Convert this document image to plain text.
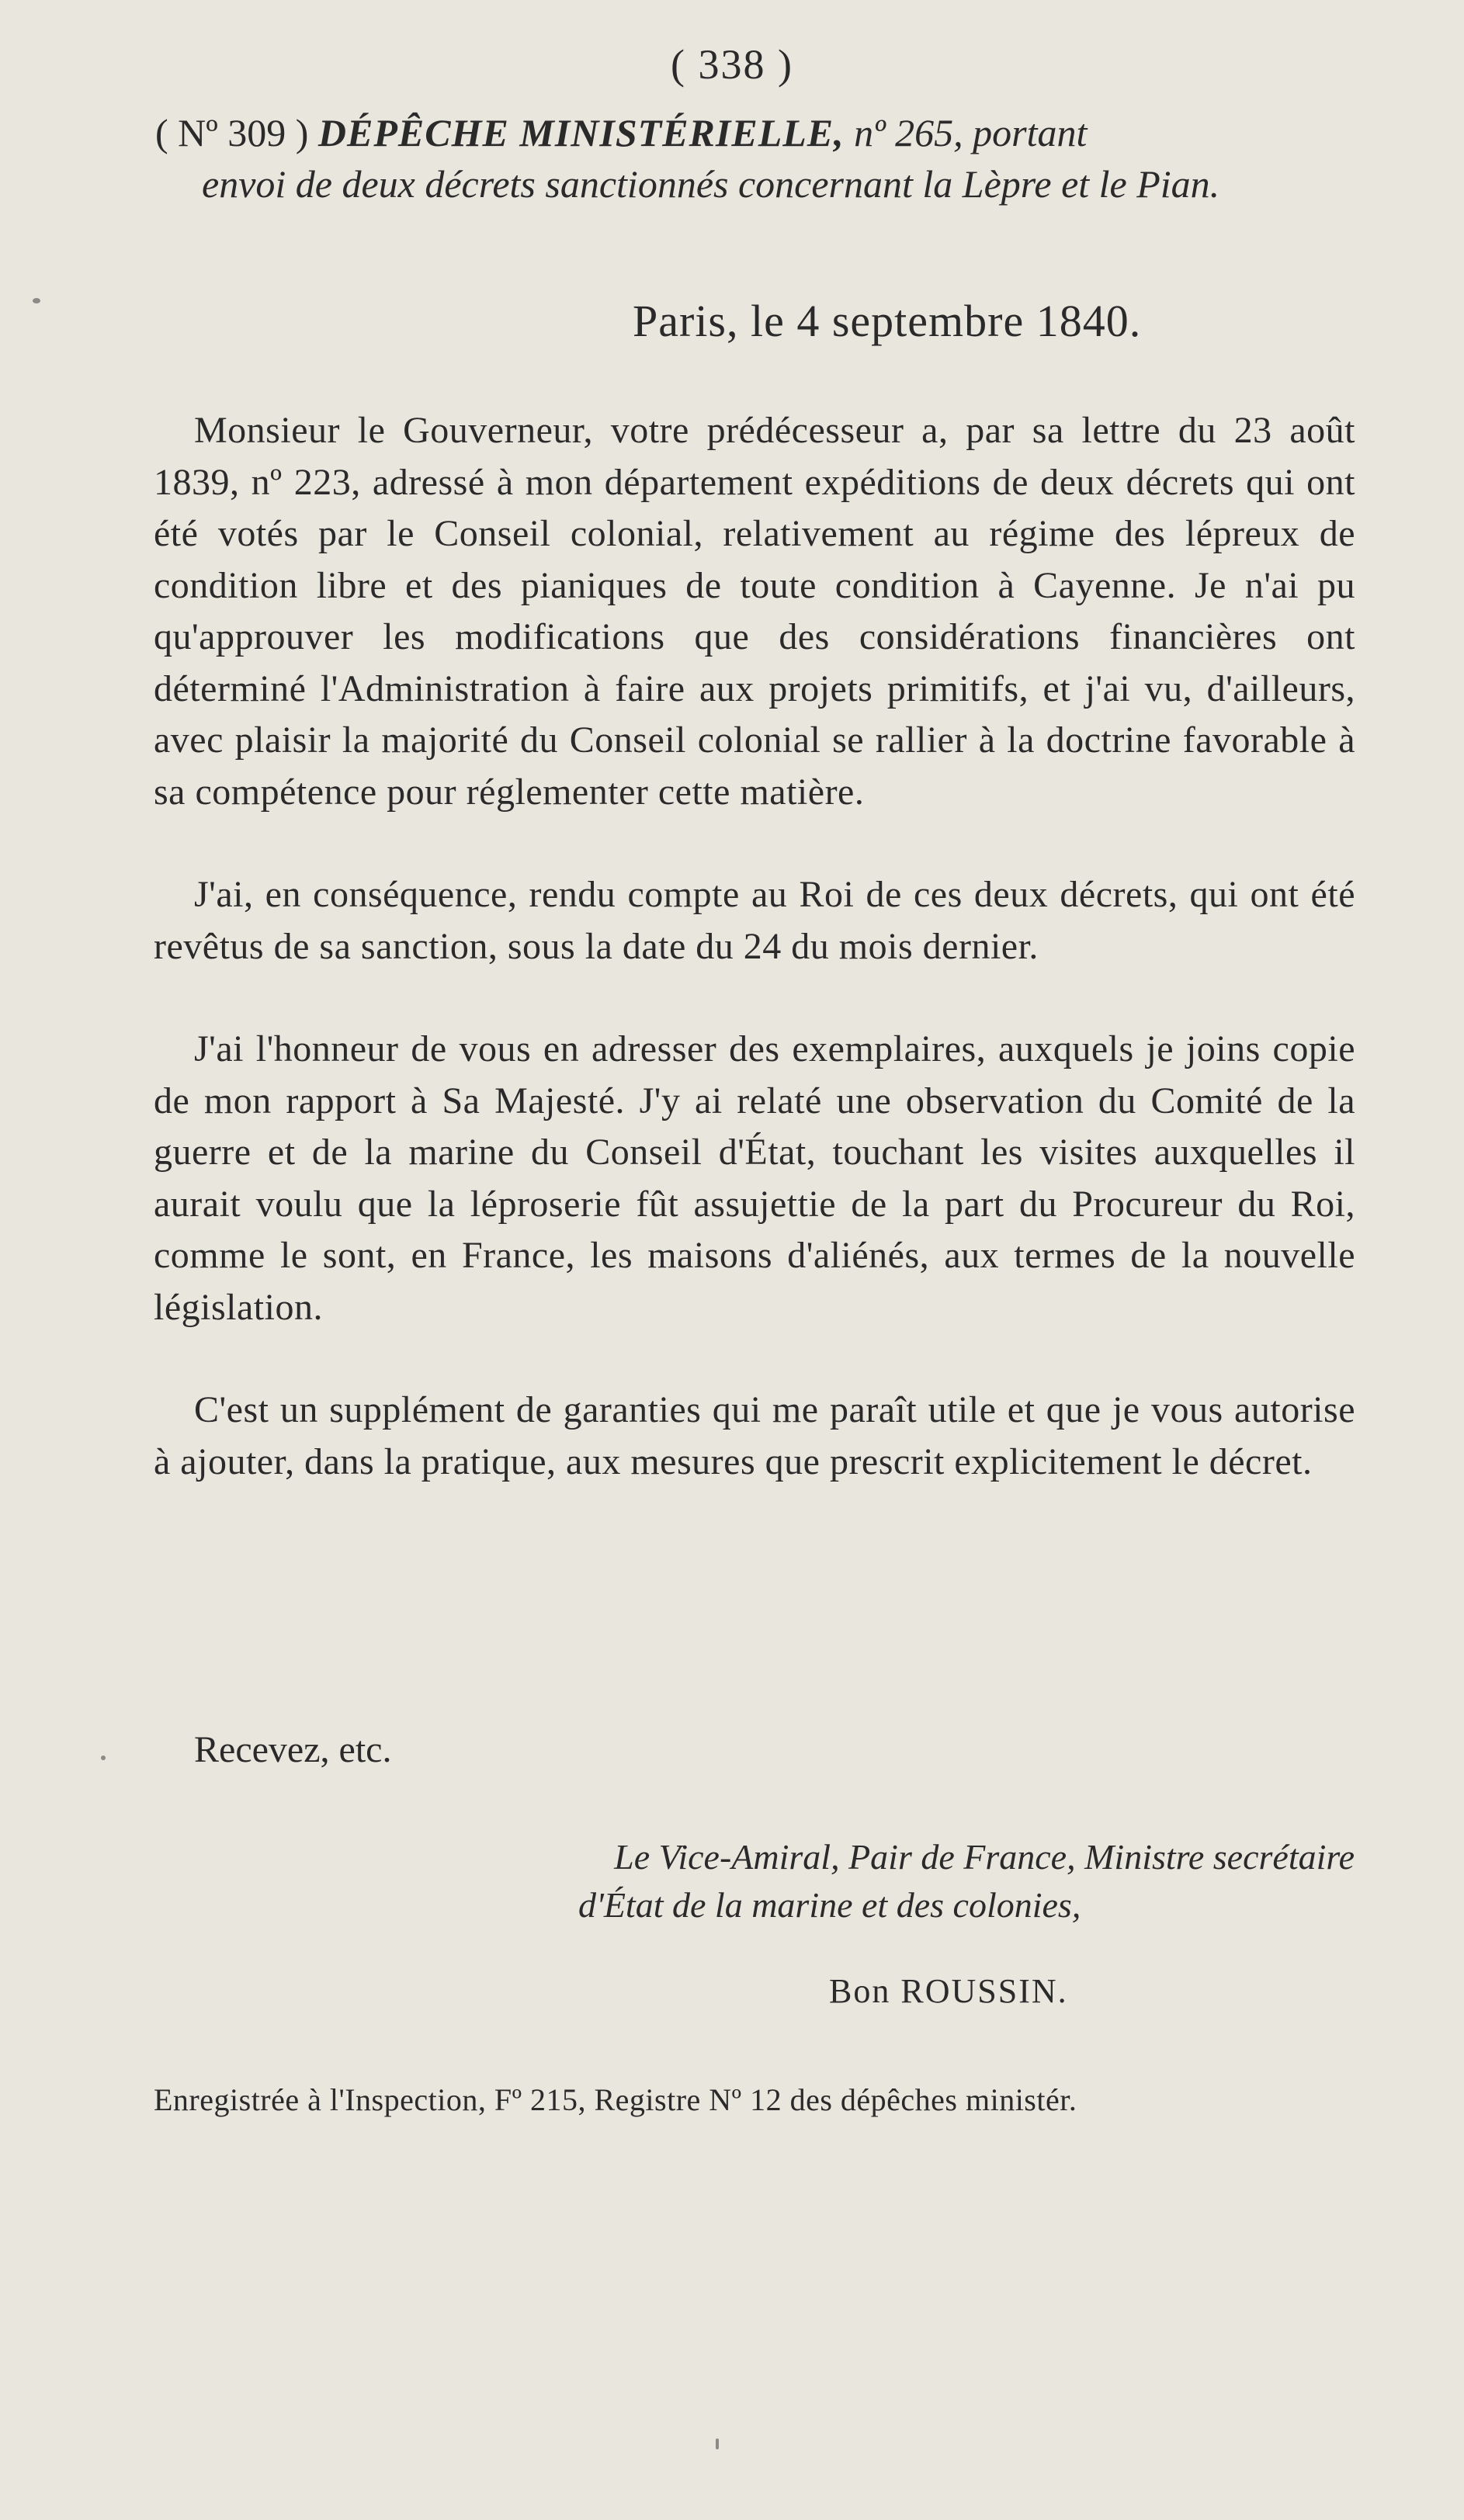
( 338 )
( Nº 309 ) DÉPÊCHE MINISTÉRIELLE, nº 265, portant
envoi de deux décrets sanctionnés concernant la Lèpre et le Pian.
Paris, le 4 septembre 1840.

Monsieur le Gouverneur, votre prédécesseur a, par sa lettre du 23 août 1839, nº 223, adressé à mon département expéditions de deux décrets qui ont été votés par le Conseil colonial, relativement au régime des lépreux de condition libre et des pianiques de toute condition à Cayenne. Je n'ai pu qu'approuver les modifications que des considérations financières ont déterminé l'Administration à faire aux projets primitifs, et j'ai vu, d'ailleurs, avec plaisir la majorité du Conseil colonial se rallier à la doctrine favorable à sa compétence pour réglementer cette matière.

J'ai, en conséquence, rendu compte au Roi de ces deux décrets, qui ont été revêtus de sa sanction, sous la date du 24 du mois dernier.

J'ai l'honneur de vous en adresser des exemplaires, auxquels je joins copie de mon rapport à Sa Majesté. J'y ai relaté une observation du Comité de la guerre et de la marine du Conseil d'État, touchant les visites auxquelles il aurait voulu que la léproserie fût assujettie de la part du Procureur du Roi, comme le sont, en France, les maisons d'aliénés, aux termes de la nouvelle législation.

C'est un supplément de garanties qui me paraît utile et que je vous autorise à ajouter, dans la pratique, aux mesures que prescrit explicitement le décret.

Recevez, etc.
Le Vice-Amiral, Pair de France, Ministre secrétaire
d'État de la marine et des colonies,
Bon ROUSSIN.
Enregistrée à l'Inspection, Fº 215, Registre Nº 12 des dépêches ministér.
